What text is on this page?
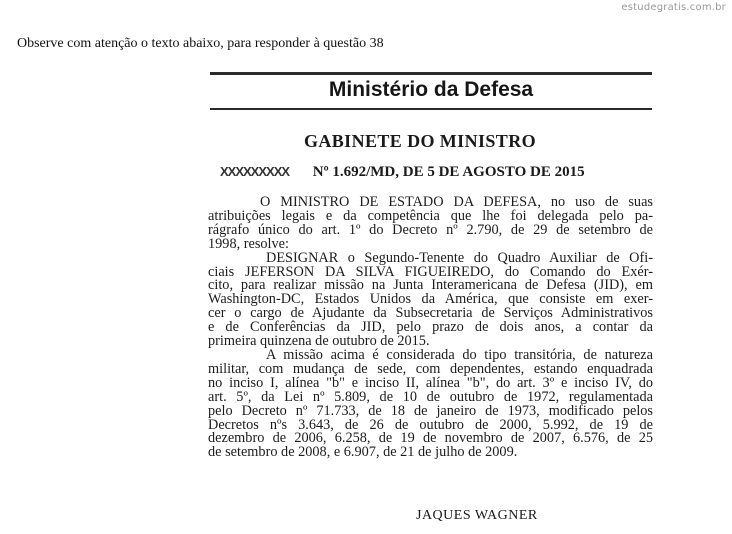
estudegratis.com.br
Observe com atenção o texto abaixo, para responder à questão 38
Ministério da Defesa
GABINETE DO MINISTRO
XXXXXXXXX Nº 1.692/MD, DE 5 DE AGOSTO DE 2015
O MINISTRO DE ESTADO DA DEFESA, no uso de suas
atribuições legais e da competência que lhe foi delegada pelo pa-
rágrafo único do art. 1º do Decreto nº 2.790, de 29 de setembro de
1998, resolve:
DESIGNAR o Segundo-Tenente do Quadro Auxiliar de Ofi-
ciais JEFERSON DA SILVA FIGUEIREDO, do Comando do Exér-
cito, para realizar missão na Junta Interamericana de Defesa (JID), em
Washington-DC, Estados Unidos da América, que consiste em exer-
cer o cargo de Ajudante da Subsecretaria de Serviços Administrativos
e de Conferências da JID, pelo prazo de dois anos, a contar da
primeira quinzena de outubro de 2015.
A missão acima é considerada do tipo transitória, de natureza
militar, com mudança de sede, com dependentes, estando enquadrada
no inciso I, alínea "b" e inciso II, alínea "b", do art. 3º e inciso IV, do
art. 5º, da Lei nº 5.809, de 10 de outubro de 1972, regulamentada
pelo Decreto nº 71.733, de 18 de janeiro de 1973, modificado pelos
Decretos nºs 3.643, de 26 de outubro de 2000, 5.992, de 19 de
dezembro de 2006, 6.258, de 19 de novembro de 2007, 6.576, de 25
de setembro de 2008, e 6.907, de 21 de julho de 2009.
JAQUES WAGNER
